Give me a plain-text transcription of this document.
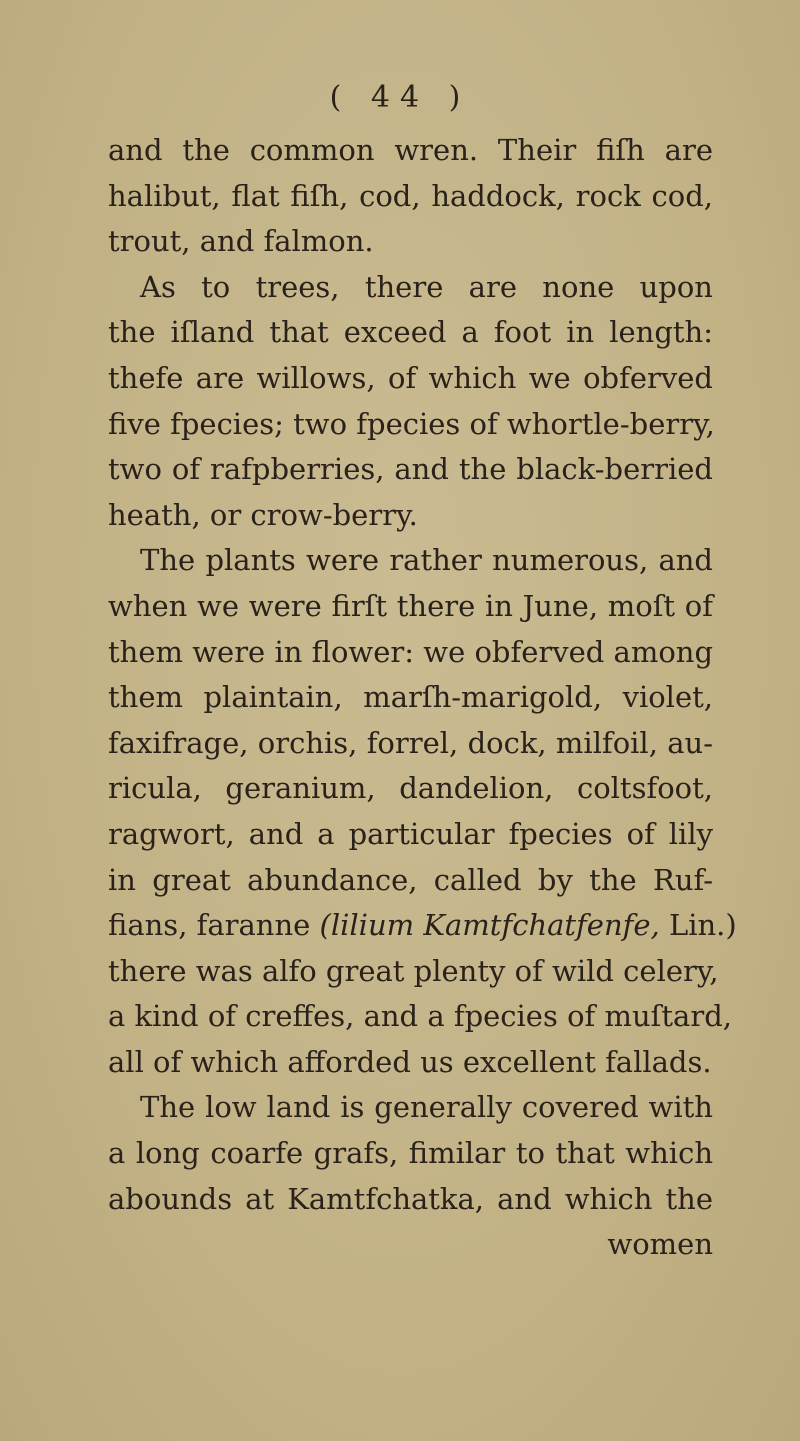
( 44 )
and the common wren. Their fiſh are
halibut, flat fiſh, cod, haddock, rock cod,
trout, and falmon.
As to trees, there are none upon
the iſland that exceed a foot in length:
thefe are willows, of which we obferved
five fpecies; two fpecies of whortle-berry,
two of rafpberries, and the black-berried
heath, or crow-berry.
The plants were rather numerous, and
when we were firſt there in June, moſt of
them were in flower: we obferved among
them plaintain, marſh-marigold, violet,
faxifrage, orchis, forrel, dock, milfoil, au-
ricula, geranium, dandelion, coltsfoot,
ragwort, and a particular fpecies of lily
in great abundance, called by the Ruf-
fians, faranne (lilium Kamtfchatfenfe, Lin.)
there was alfo great plenty of wild celery,
a kind of creffes, and a fpecies of muſtard,
all of which afforded us excellent fallads.
The low land is generally covered with
a long coarfe grafs, fimilar to that which
abounds at Kamtfchatka, and which the
women
